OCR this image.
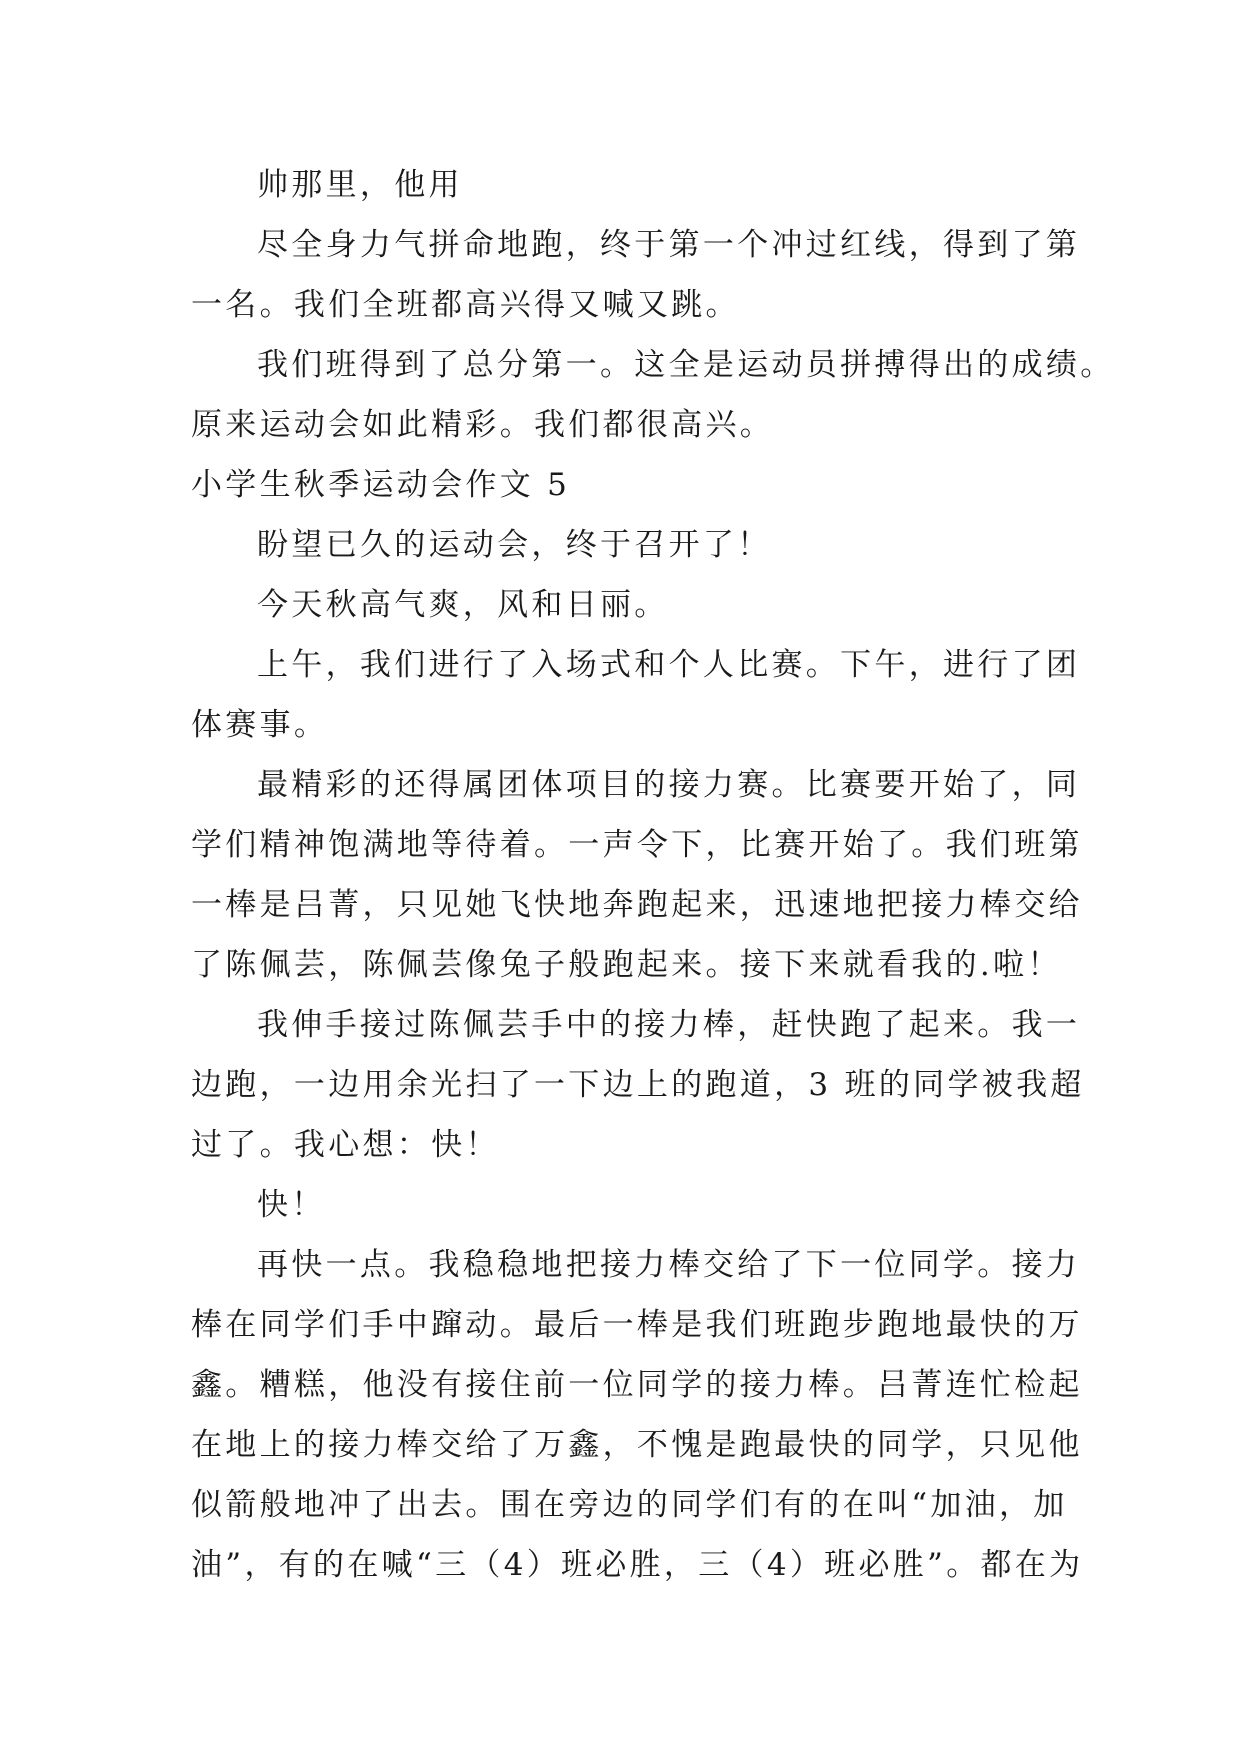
帅那里，他用
尽全身力气拼命地跑，终于第一个冲过红线，得到了第
一名。我们全班都高兴得又喊又跳。
我们班得到了总分第一。这全是运动员拼搏得出的成绩。
原来运动会如此精彩。我们都很高兴。
小学生秋季运动会作文 5
盼望已久的运动会，终于召开了！
今天秋高气爽，风和日丽。
上午，我们进行了入场式和个人比赛。下午，进行了团
体赛事。
最精彩的还得属团体项目的接力赛。比赛要开始了，同
学们精神饱满地等待着。一声令下，比赛开始了。我们班第
一棒是吕菁，只见她飞快地奔跑起来，迅速地把接力棒交给
了陈佩芸，陈佩芸像兔子般跑起来。接下来就看我的.啦！
我伸手接过陈佩芸手中的接力棒，赶快跑了起来。我一
边跑，一边用余光扫了一下边上的跑道，3 班的同学被我超
过了。我心想：快！
快！
再快一点。我稳稳地把接力棒交给了下一位同学。接力
棒在同学们手中蹿动。最后一棒是我们班跑步跑地最快的万
鑫。糟糕，他没有接住前一位同学的接力棒。吕菁连忙检起
在地上的接力棒交给了万鑫，不愧是跑最快的同学，只见他
似箭般地冲了出去。围在旁边的同学们有的在叫“加油，加
油”，有的在喊“三（4）班必胜，三（4）班必胜”。都在为
